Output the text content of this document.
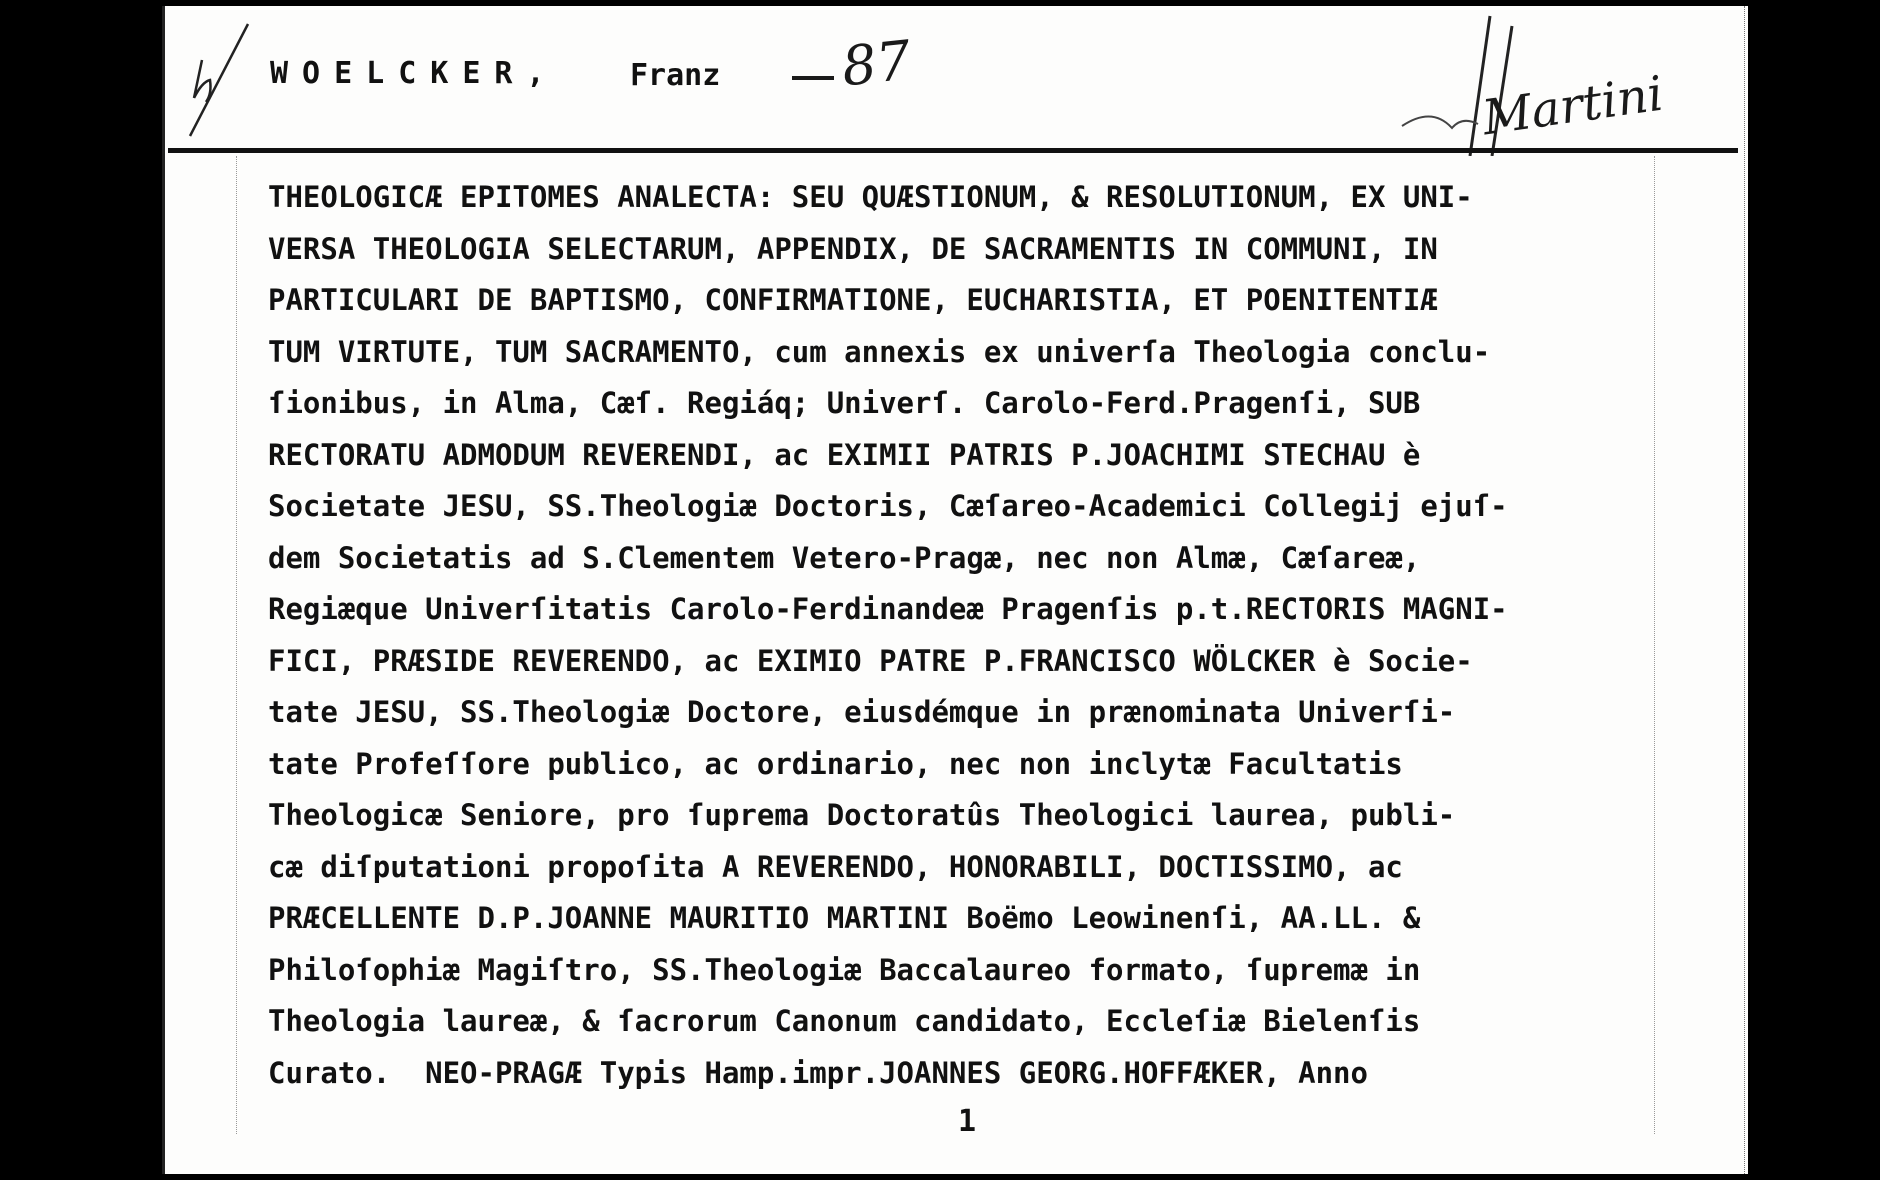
WOELCKER, Franz 87
Martini
THEOLOGICÆ EPITOMES ANALECTA: SEU QUÆSTIONUM, & RESOLUTIONUM, EX UNI-
VERSA THEOLOGIA SELECTARUM, APPENDIX, DE SACRAMENTIS IN COMMUNI, IN
PARTICULARI DE BAPTISMO, CONFIRMATIONE, EUCHARISTIA, ET POENITENTIÆ
TUM VIRTUTE, TUM SACRAMENTO, cum annexis ex univerſa Theologia conclu-
ſionibus, in Alma, Cæſ. Regiáq; Univerſ. Carolo-Ferd.Pragenſi, SUB
RECTORATU ADMODUM REVERENDI, ac EXIMII PATRIS P.JOACHIMI STECHAU è
Societate JESU, SS.Theologiæ Doctoris, Cæſareo-Academici Collegij ejuſ-
dem Societatis ad S.Clementem Vetero-Pragæ, nec non Almæ, Cæſareæ,
Regiæque Univerſitatis Carolo-Ferdinandeæ Pragenſis p.t.RECTORIS MAGNI-
FICI, PRÆSIDE REVERENDO, ac EXIMIO PATRE P.FRANCISCO WÖLCKER è Socie-
tate JESU, SS.Theologiæ Doctore, eiusdémque in prænominata Univerſi-
tate Profeſſore publico, ac ordinario, nec non inclytæ Facultatis
Theologicæ Seniore, pro ſuprema Doctoratûs Theologici laurea, publi-
cæ diſputationi propoſita A REVERENDO, HONORABILI, DOCTISSIMO, ac
PRÆCELLENTE D.P.JOANNE MAURITIO MARTINI Boëmo Leowinenſi, AA.LL. &
Philoſophiæ Magiſtro, SS.Theologiæ Baccalaureo formato, ſupremæ in
Theologia laureæ, & ſacrorum Canonum candidato, Eccleſiæ Bielenſis
Curato.  NEO-PRAGÆ Typis Hamp.impr.JOANNES GEORG.HOFFÆKER, Anno
1
